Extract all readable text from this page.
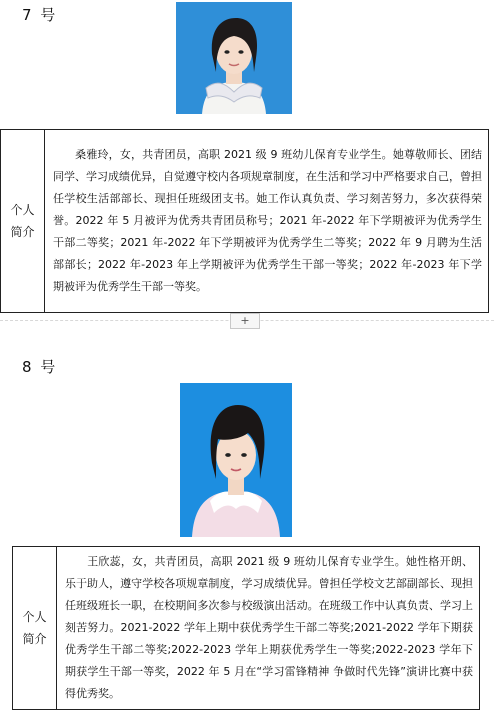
7 号
个人
简介	桑雅玲，女，共青团员，高职 2021 级 9 班幼儿保育专业学生。她尊敬师长、团结同学、学习成绩优异，自觉遵守校内各项规章制度，在生活和学习中严格要求自己，曾担任学校生活部部长、现担任班级团支书。她工作认真负责、学习刻苦努力，多次获得荣誉。2022 年 5 月被评为优秀共青团员称号；2021 年-2022 年下学期被评为优秀学生干部二等奖；2021 年-2022 年下学期被评为优秀学生二等奖；2022 年 9 月聘为生活部部长；2022 年-2023 年上学期被评为优秀学生干部一等奖；2022 年-2023 年下学期被评为优秀学生干部一等奖。
+
8 号
个人
简介	王欣蕊，女，共青团员，高职 2021 级 9 班幼儿保育专业学生。她性格开朗、乐于助人，遵守学校各项规章制度，学习成绩优异。曾担任学校文艺部副部长、现担任班级班长一职，在校期间多次参与校级演出活动。在班级工作中认真负责、学习上刻苦努力。2021-2022 学年上期中获优秀学生干部二等奖;2021-2022 学年下期获优秀学生干部二等奖;2022-2023 学年上期获优秀学生一等奖;2022-2023 学年下期获学生干部一等奖，2022 年 5 月在“学习雷锋精神 争做时代先锋”演讲比赛中获得优秀奖。
